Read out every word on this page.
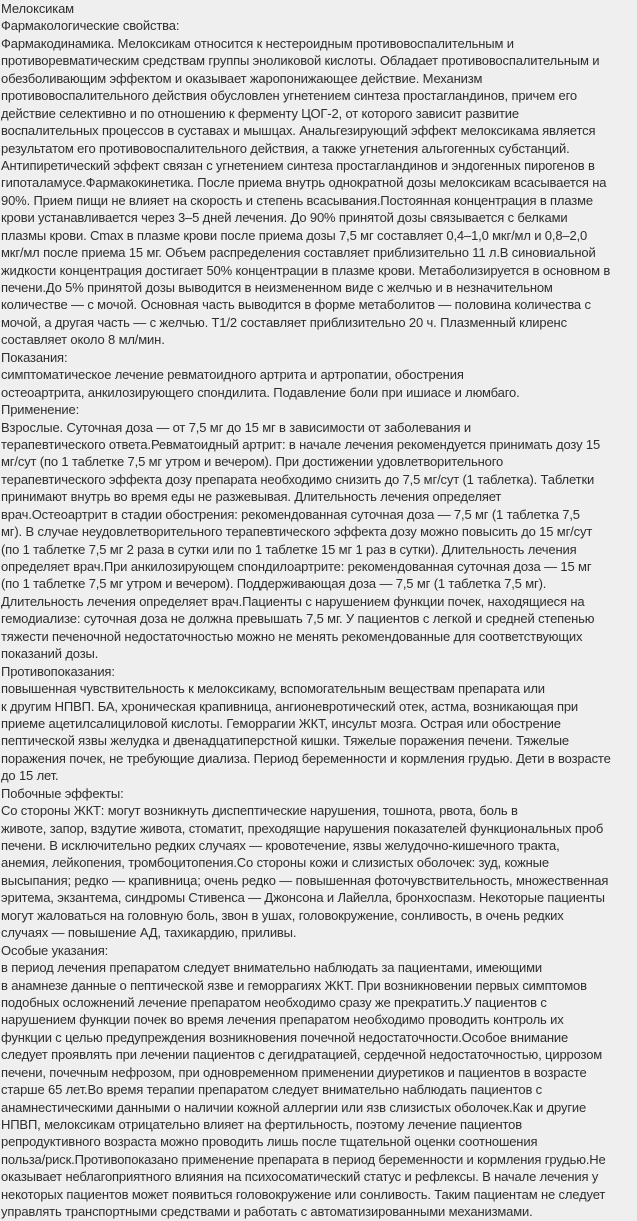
Мелоксикам
Фармакологические свойства:
Фармакодинамика. Мелоксикам относится к нестероидным противовоспалительным и
противоревматическим средствам группы эноликовой кислоты. Обладает противовоспалительным и
обезболивающим эффектом и оказывает жаропонижающее действие. Механизм
противовоспалительного действия обусловлен угнетением синтеза простагландинов, причем его
действие селективно и по отношению к ферменту ЦОГ-2, от которого зависит развитие
воспалительных процессов в суставах и мышцах. Анальгезирующий эффект мелоксикама является
результатом его противовоспалительного действия, а также угнетения альгогенных субстанций.
Антипиретический эффект связан с угнетением синтеза простагландинов и эндогенных пирогенов в
гипоталамусе.Фармакокинетика. После приема внутрь однократной дозы мелоксикам всасывается на
90%. Прием пищи не влияет на скорость и степень всасывания.Постоянная концентрация в плазме
крови устанавливается через 3–5 дней лечения. До 90% принятой дозы связывается с белками
плазмы крови. Cmax в плазме крови после приема дозы 7,5 мг составляет 0,4–1,0 мкг/мл и 0,8–2,0
мкг/мл после приема 15 мг. Объем распределения составляет приблизительно 11 л.В синовиальной
жидкости концентрация достигает 50% концентрации в плазме крови. Метаболизируется в основном в
печени.До 5% принятой дозы выводится в неизмененном виде с желчью и в незначительном
количестве — с мочой. Основная часть выводится в форме метаболитов — половина количества с
мочой, а другая часть — с желчью. T1/2 составляет приблизительно 20 ч. Плазменный клиренс
составляет около 8 мл/мин.
Показания:
симптоматическое лечение ревматоидного артрита и артропатии, обострения
остеоартрита, анкилозирующего спондилита. Подавление боли при ишиасе и люмбаго.
Применение:
Взрослые. Суточная доза — от 7,5 мг до 15 мг в зависимости от заболевания и
терапевтического ответа.Ревматоидный артрит: в начале лечения рекомендуется принимать дозу 15
мг/сут (по 1 таблетке 7,5 мг утром и вечером). При достижении удовлетворительного
терапевтического эффекта дозу препарата необходимо снизить до 7,5 мг/сут (1 таблетка). Таблетки
принимают внутрь во время еды не разжевывая. Длительность лечения определяет
врач.Остеоартрит в стадии обострения: рекомендованная суточная доза — 7,5 мг (1 таблетка 7,5
мг). В случае неудовлетворительного терапевтического эффекта дозу можно повысить до 15 мг/сут
(по 1 таблетке 7,5 мг 2 раза в сутки или по 1 таблетке 15 мг 1 раз в сутки). Длительность лечения
определяет врач.При анкилозирующем спондилоартрите: рекомендованная суточная доза — 15 мг
(по 1 таблетке 7,5 мг утром и вечером). Поддерживающая доза — 7,5 мг (1 таблетка 7,5 мг).
Длительность лечения определяет врач.Пациенты с нарушением функции почек, находящиеся на
гемодиализе: суточная доза не должна превышать 7,5 мг. У пациентов с легкой и средней степенью
тяжести печеночной недостаточностью можно не менять рекомендованные для соответствующих
показаний дозы.
Противопоказания:
повышенная чувствительность к мелоксикаму, вспомогательным веществам препарата или
к другим НПВП. БА, хроническая крапивница, ангионевротический отек, астма, возникающая при
приеме ацетилсалициловой кислоты. Геморрагии ЖКТ, инсульт мозга. Острая или обострение
пептической язвы желудка и двенадцатиперстной кишки. Тяжелые поражения печени. Тяжелые
поражения почек, не требующие диализа. Период беременности и кормления грудью. Дети в возрасте
до 15 лет.
Побочные эффекты:
Со стороны ЖКТ: могут возникнуть диспептические нарушения, тошнота, рвота, боль в
животе, запор, вздутие живота, стоматит, преходящие нарушения показателей функциональных проб
печени. В исключительно редких случаях — кровотечение, язвы желудочно-кишечного тракта,
анемия, лейкопения, тромбоцитопения.Со стороны кожи и слизистых оболочек: зуд, кожные
высыпания; редко — крапивница; очень редко — повышенная фоточувствительность, множественная
эритема, экзантема, синдромы Стивенса — Джонсона и Лайелла, бронхоспазм. Некоторые пациенты
могут жаловаться на головную боль, звон в ушах, головокружение, сонливость, в очень редких
случаях — повышение АД, тахикардию, приливы.
Особые указания:
в период лечения препаратом следует внимательно наблюдать за пациентами, имеющими
в анамнезе данные о пептической язве и геморрагиях ЖКТ. При возникновении первых симптомов
подобных осложнений лечение препаратом необходимо сразу же прекратить.У пациентов с
нарушением функции почек во время лечения препаратом необходимо проводить контроль их
функции с целью предупреждения возникновения почечной недостаточности.Особое внимание
следует проявлять при лечении пациентов с дегидратацией, сердечной недостаточностью, циррозом
печени, почечным нефрозом, при одновременном применении диуретиков и пациентов в возрасте
старше 65 лет.Во время терапии препаратом следует внимательно наблюдать пациентов с
анамнестическими данными о наличии кожной аллергии или язв слизистых оболочек.Как и другие
НПВП, мелоксикам отрицательно влияет на фертильность, поэтому лечение пациентов
репродуктивного возраста можно проводить лишь после тщательной оценки соотношения
польза/риск.Противопоказано применение препарата в период беременности и кормления грудью.Не
оказывает неблагоприятного влияния на психосоматический статус и рефлексы. В начале лечения у
некоторых пациентов может появиться головокружение или сонливость. Таким пациентам не следует
управлять транспортными средствами и работать с автоматизированными механизмами.
